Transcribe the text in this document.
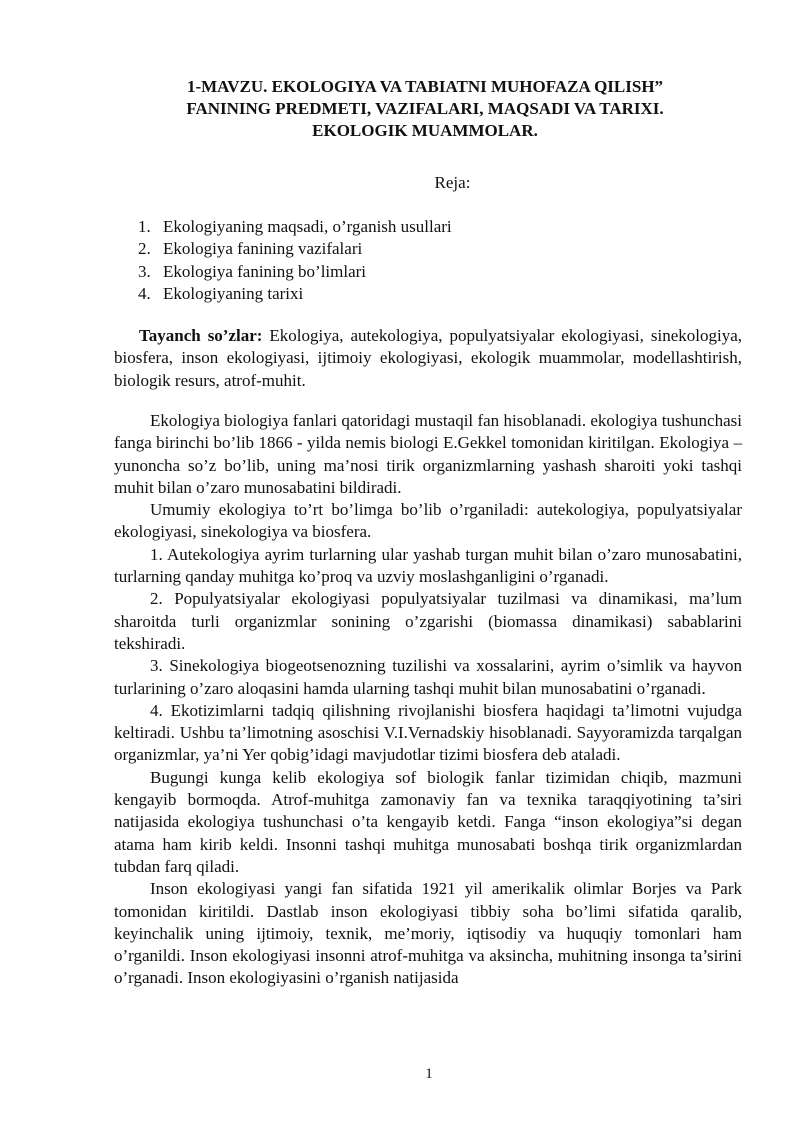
1-MAVZU. EKOLOGIYA VA TABIATNI MUHOFAZA QILISH”
FANINING PREDMETI, VAZIFALARI, MAQSADI VA TARIXI.
EKOLOGIK MUAMMOLAR.
Reja:
1. Ekologiyaning maqsadi, o’rganish usullari
2. Ekologiya fanining vazifalari
3. Ekologiya fanining bo’limlari
4. Ekologiyaning tarixi

Tayanch so’zlar: Ekologiya, autekologiya, populyatsiyalar ekologiyasi, sinekologiya, biosfera, inson ekologiyasi, ijtimoiy ekologiyasi, ekologik muammolar, modellashtirish, biologik resurs, atrof-muhit.

Ekologiya biologiya fanlari qatoridagi mustaqil fan hisoblanadi. ekologiya tushunchasi fanga birinchi bo’lib 1866 - yilda nemis biologi E.Gekkel tomonidan kiritilgan. Ekologiya – yunoncha so’z bo’lib, uning ma’nosi tirik organizmlarning yashash sharoiti yoki tashqi muhit bilan o’zaro munosabatini bildiradi.

Umumiy ekologiya to’rt bo’limga bo’lib o’rganiladi: autekologiya, populyatsiyalar ekologiyasi, sinekologiya va biosfera.

1. Autekologiya ayrim turlarning ular yashab turgan muhit bilan o’zaro munosabatini, turlarning qanday muhitga ko’proq va uzviy moslashganligini o’rganadi.

2. Populyatsiyalar ekologiyasi populyatsiyalar tuzilmasi va dinamikasi, ma’lum sharoitda turli organizmlar sonining o’zgarishi (biomassa dinamikasi) sabablarini tekshiradi.

3. Sinekologiya biogeotsenozning tuzilishi va xossalarini, ayrim o’simlik va hayvon turlarining o’zaro aloqasini hamda ularning tashqi muhit bilan munosabatini o’rganadi.

4. Ekotizimlarni tadqiq qilishning rivojlanishi biosfera haqidagi ta’limotni vujudga keltiradi. Ushbu ta’limotning asoschisi V.I.Vernadskiy hisoblanadi. Sayyoramizda tarqalgan organizmlar, ya’ni Yer qobig’idagi mavjudotlar tizimi biosfera deb ataladi.

Bugungi kunga kelib ekologiya sof biologik fanlar tizimidan chiqib, mazmuni kengayib bormoqda. Atrof-muhitga zamonaviy fan va texnika taraqqiyotining ta’siri natijasida ekologiya tushunchasi o’ta kengayib ketdi. Fanga “inson ekologiya”si degan atama ham kirib keldi. Insonni tashqi muhitga munosabati boshqa tirik organizmlardan tubdan farq qiladi.

Inson ekologiyasi yangi fan sifatida 1921 yil amerikalik olimlar Borjes va Park tomonidan kiritildi. Dastlab inson ekologiyasi tibbiy soha bo’limi sifatida qaralib, keyinchalik uning ijtimoiy, texnik, me’moriy, iqtisodiy va huquqiy tomonlari ham o’rganildi. Inson ekologiyasi insonni atrof-muhitga va aksincha, muhitning insonga ta’sirini o’rganadi. Inson ekologiyasini o’rganish natijasida

1
